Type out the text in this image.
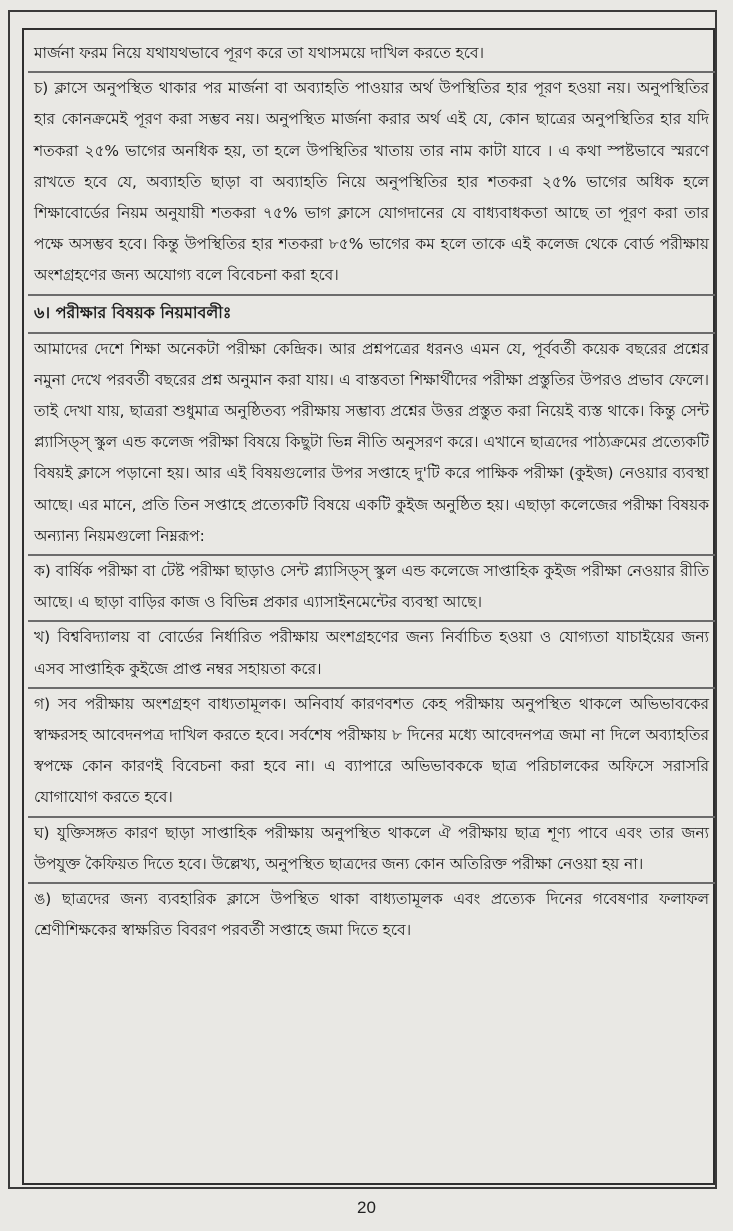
মার্জনা ফরম নিয়ে যথাযথভাবে পূরণ করে তা যথাসময়ে দাখিল করতে হবে।

চ) ক্লাসে অনুপস্থিত থাকার পর মার্জনা বা অব্যাহতি পাওয়ার অর্থ উপস্থিতির হার পূরণ হওয়া নয়। অনুপস্থিতির হার কোনক্রমেই পূরণ করা সম্ভব নয়। অনুপস্থিত মার্জনা করার অর্থ এই যে, কোন ছাত্রের অনুপস্থিতির হার যদি শতকরা ২৫% ভাগের অনধিক হয়, তা হলে উপস্থিতির খাতায় তার নাম কাটা যাবে । এ কথা স্পষ্টভাবে স্মরণে রাখতে হবে যে, অব্যাহতি ছাড়া বা অব্যাহতি নিয়ে অনুপস্থিতির হার শতকরা ২৫% ভাগের অধিক হলে শিক্ষাবোর্ডের নিয়ম অনুযায়ী শতকরা ৭৫% ভাগ ক্লাসে যোগদানের যে বাধ্যবাধকতা আছে তা পূরণ করা তার পক্ষে অসম্ভব হবে। কিন্তু উপস্থিতির হার শতকরা ৮৫% ভাগের কম হলে তাকে এই কলেজ থেকে বোর্ড পরীক্ষায় অংশগ্রহণের জন্য অযোগ্য বলে বিবেচনা করা হবে।

৬। পরীক্ষার বিষয়ক নিয়মাবলীঃ

আমাদের দেশে শিক্ষা অনেকটা পরীক্ষা কেন্দ্রিক। আর প্রশ্নপত্রের ধরনও এমন যে, পূর্ববর্তী কয়েক বছরের প্রশ্নের নমুনা দেখে পরবর্তী বছরের প্রশ্ন অনুমান করা যায়। এ বাস্তবতা শিক্ষার্থীদের পরীক্ষা প্রস্তুতির উপরও প্রভাব ফেলে। তাই দেখা যায়, ছাত্ররা শুধুমাত্র অনুষ্ঠিতব্য পরীক্ষায় সম্ভাব্য প্রশ্নের উত্তর প্রস্তুত করা নিয়েই ব্যস্ত থাকে। কিন্তু সেন্ট প্ল্যাসিড্স্ স্কুল এন্ড কলেজ পরীক্ষা বিষয়ে কিছুটা ভিন্ন নীতি অনুসরণ করে। এখানে ছাত্রদের পাঠ্যক্রমের প্রত্যেকটি বিষয়ই ক্লাসে পড়ানো হয়। আর এই বিষয়গুলোর উপর সপ্তাহে দু'টি করে পাক্ষিক পরীক্ষা (কুইজ) নেওয়ার ব্যবস্থা আছে। এর মানে, প্রতি তিন সপ্তাহে প্রত্যেকটি বিষয়ে একটি কুইজ অনুষ্ঠিত হয়। এছাড়া কলেজের পরীক্ষা বিষয়ক অন্যান্য নিয়মগুলো নিম্নরূপ:

ক) বার্ষিক পরীক্ষা বা টেষ্ট পরীক্ষা ছাড়াও সেন্ট প্ল্যাসিড্স্ স্কুল এন্ড কলেজে সাপ্তাহিক কুইজ পরীক্ষা নেওয়ার রীতি আছে। এ ছাড়া বাড়ির কাজ ও বিভিন্ন প্রকার এ্যাসাইনমেন্টের ব্যবস্থা আছে।

খ) বিশ্ববিদ্যালয় বা বোর্ডের নির্ধারিত পরীক্ষায় অংশগ্রহণের জন্য নির্বাচিত হওয়া ও যোগ্যতা যাচাইয়ের জন্য এসব সাপ্তাহিক কুইজে প্রাপ্ত নম্বর সহায়তা করে।

গ) সব পরীক্ষায় অংশগ্রহণ বাধ্যতামূলক। অনিবার্য কারণবশত কেহ পরীক্ষায় অনুপস্থিত থাকলে অভিভাবকের স্বাক্ষরসহ আবেদনপত্র দাখিল করতে হবে। সর্বশেষ পরীক্ষায় ৮ দিনের মধ্যে আবেদনপত্র জমা না দিলে অব্যাহতির স্বপক্ষে কোন কারণই বিবেচনা করা হবে না। এ ব্যাপারে অভিভাবককে ছাত্র পরিচালকের অফিসে সরাসরি যোগাযোগ করতে হবে।

ঘ) যুক্তিসঙ্গত কারণ ছাড়া সাপ্তাহিক পরীক্ষায় অনুপস্থিত থাকলে ঐ পরীক্ষায় ছাত্র শূণ্য পাবে এবং তার জন্য উপযুক্ত কৈফিয়ত দিতে হবে। উল্লেখ্য, অনুপস্থিত ছাত্রদের জন্য কোন অতিরিক্ত পরীক্ষা নেওয়া হয় না।

ঙ) ছাত্রদের জন্য ব্যবহারিক ক্লাসে উপস্থিত থাকা বাধ্যতামূলক এবং প্রত্যেক দিনের গবেষণার ফলাফল শ্রেণীশিক্ষকের স্বাক্ষরিত বিবরণ পরবর্তী সপ্তাহে জমা দিতে হবে।

20
